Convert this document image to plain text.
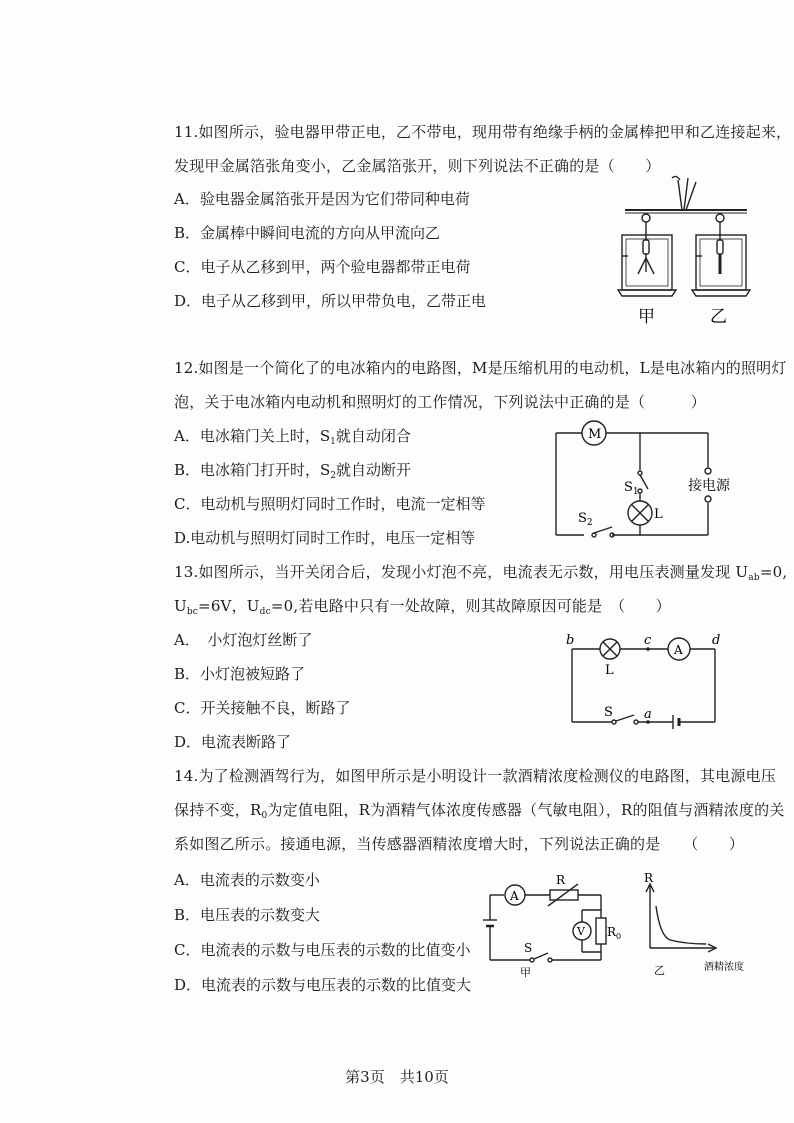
11.如图所示，验电器甲带正电，乙不带电，现用带有绝缘手柄的金属棒把甲和乙连接起来，
发现甲金属箔张角变小，乙金属箔张开，则下列说法不正确的是（　　）
A．验电器金属箔张开是因为它们带同种电荷
B．金属棒中瞬间电流的方向从甲流向乙
C．电子从乙移到甲，两个验电器都带正电荷
D．电子从乙移到甲，所以甲带负电，乙带正电
甲	乙
12.如图是一个简化了的电冰箱内的电路图，M是压缩机用的电动机，L是电冰箱内的照明灯
泡，关于电冰箱内电动机和照明灯的工作情况，下列说法中正确的是（　　　）
A．电冰箱门关上时，$S_1$就自动闭合
B．电冰箱门打开时，$S_2$就自动断开
C．电动机与照明灯同时工作时，电流一定相等
D.电动机与照明灯同时工作时，电压一定相等
M
$S_1$
L
$S_2$
接电源
13.如图所示，当开关闭合后，发现小灯泡不亮，电流表无示数，用电压表测量发现 $U_{ab}=0$,
$U_{bc}=6V$，$U_{dc}=0$,若电路中只有一处故障，则其故障原因可能是　（　　）
A．　小灯泡灯丝断了
B．小灯泡被短路了
C．开关接触不良，断路了
D．电流表断路了
b	c	d
a
L
A
S
14.为了检测酒驾行为，如图甲所示是小明设计一款酒精浓度检测仪的电路图，其电源电压
保持不变，$R_0$为定值电阻，R为酒精气体浓度传感器（气敏电阻），R的阻值与酒精浓度的关
系如图乙所示。接通电源，当传感器酒精浓度增大时，下列说法正确的是　　（　　）
A．电流表的示数变小
B．电压表的示数变大
C．电流表的示数与电压表的示数的比值变小
D．电流表的示数与电压表的示数的比值变大
A
R
V $R_0$
S
甲
R
酒精浓度
乙
第3页　共10页
